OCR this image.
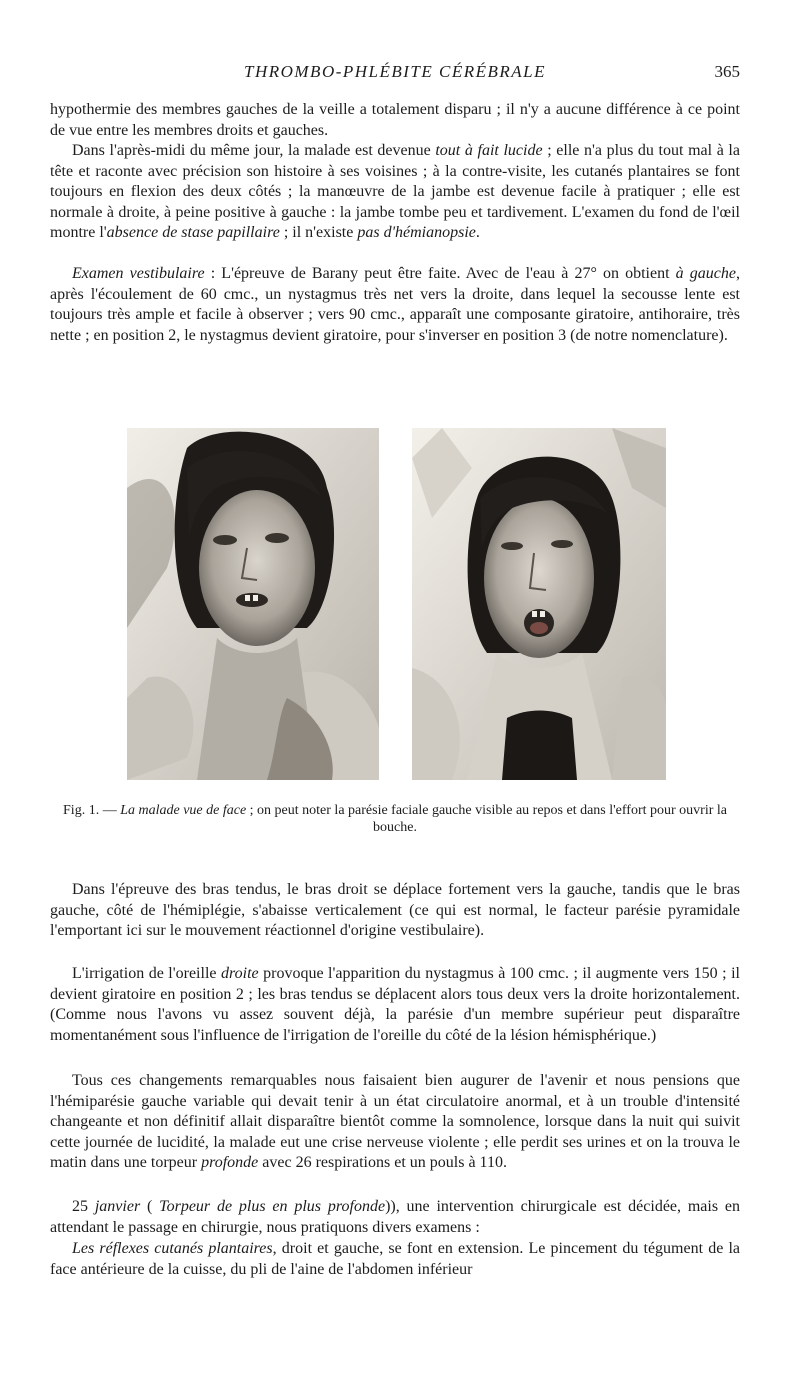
THROMBO-PHLÉBITE CÉRÉBRALE	365

hypothermie des membres gauches de la veille a totalement disparu ; il n'y a aucune différence à ce point de vue entre les membres droits et gauches.

Dans l'après-midi du même jour, la malade est devenue tout à fait lucide ; elle n'a plus du tout mal à la tête et raconte avec précision son histoire à ses voisines ; à la contre-visite, les cutanés plantaires se font toujours en flexion des deux côtés ; la manœuvre de la jambe est devenue facile à pratiquer ; elle est normale à droite, à peine positive à gauche : la jambe tombe peu et tardivement. L'examen du fond de l'œil montre l'absence de stase papillaire ; il n'existe pas d'hémianopsie.

Examen vestibulaire : L'épreuve de Barany peut être faite. Avec de l'eau à 27° on obtient à gauche, après l'écoulement de 60 cmc., un nystagmus très net vers la droite, dans lequel la secousse lente est toujours très ample et facile à observer ; vers 90 cmc., apparaît une composante giratoire, antihoraire, très nette ; en position 2, le nystagmus devient giratoire, pour s'inverser en position 3 (de notre nomenclature).

Fig. 1. — La malade vue de face ; on peut noter la parésie faciale gauche visible au repos et dans l'effort pour ouvrir la bouche.

Dans l'épreuve des bras tendus, le bras droit se déplace fortement vers la gauche, tandis que le bras gauche, côté de l'hémiplégie, s'abaisse verticalement (ce qui est normal, le facteur parésie pyramidale l'emportant ici sur le mouvement réactionnel d'origine vestibulaire).

L'irrigation de l'oreille droite provoque l'apparition du nystagmus à 100 cmc. ; il augmente vers 150 ; il devient giratoire en position 2 ; les bras tendus se déplacent alors tous deux vers la droite horizontalement. (Comme nous l'avons vu assez souvent déjà, la parésie d'un membre supérieur peut disparaître momentanément sous l'influence de l'irrigation de l'oreille du côté de la lésion hémisphérique.)

Tous ces changements remarquables nous faisaient bien augurer de l'avenir et nous pensions que l'hémiparésie gauche variable qui devait tenir à un état circulatoire anormal, et à un trouble d'intensité changeante et non définitif allait disparaître bientôt comme la somnolence, lorsque dans la nuit qui suivit cette journée de lucidité, la malade eut une crise nerveuse violente ; elle perdit ses urines et on la trouva le matin dans une torpeur profonde avec 26 respirations et un pouls à 110.

25 janvier ( Torpeur de plus en plus profonde)), une intervention chirurgicale est décidée, mais en attendant le passage en chirurgie, nous pratiquons divers examens :

Les réflexes cutanés plantaires, droit et gauche, se font en extension. Le pincement du tégument de la face antérieure de la cuisse, du pli de l'aine de l'abdomen inférieur
